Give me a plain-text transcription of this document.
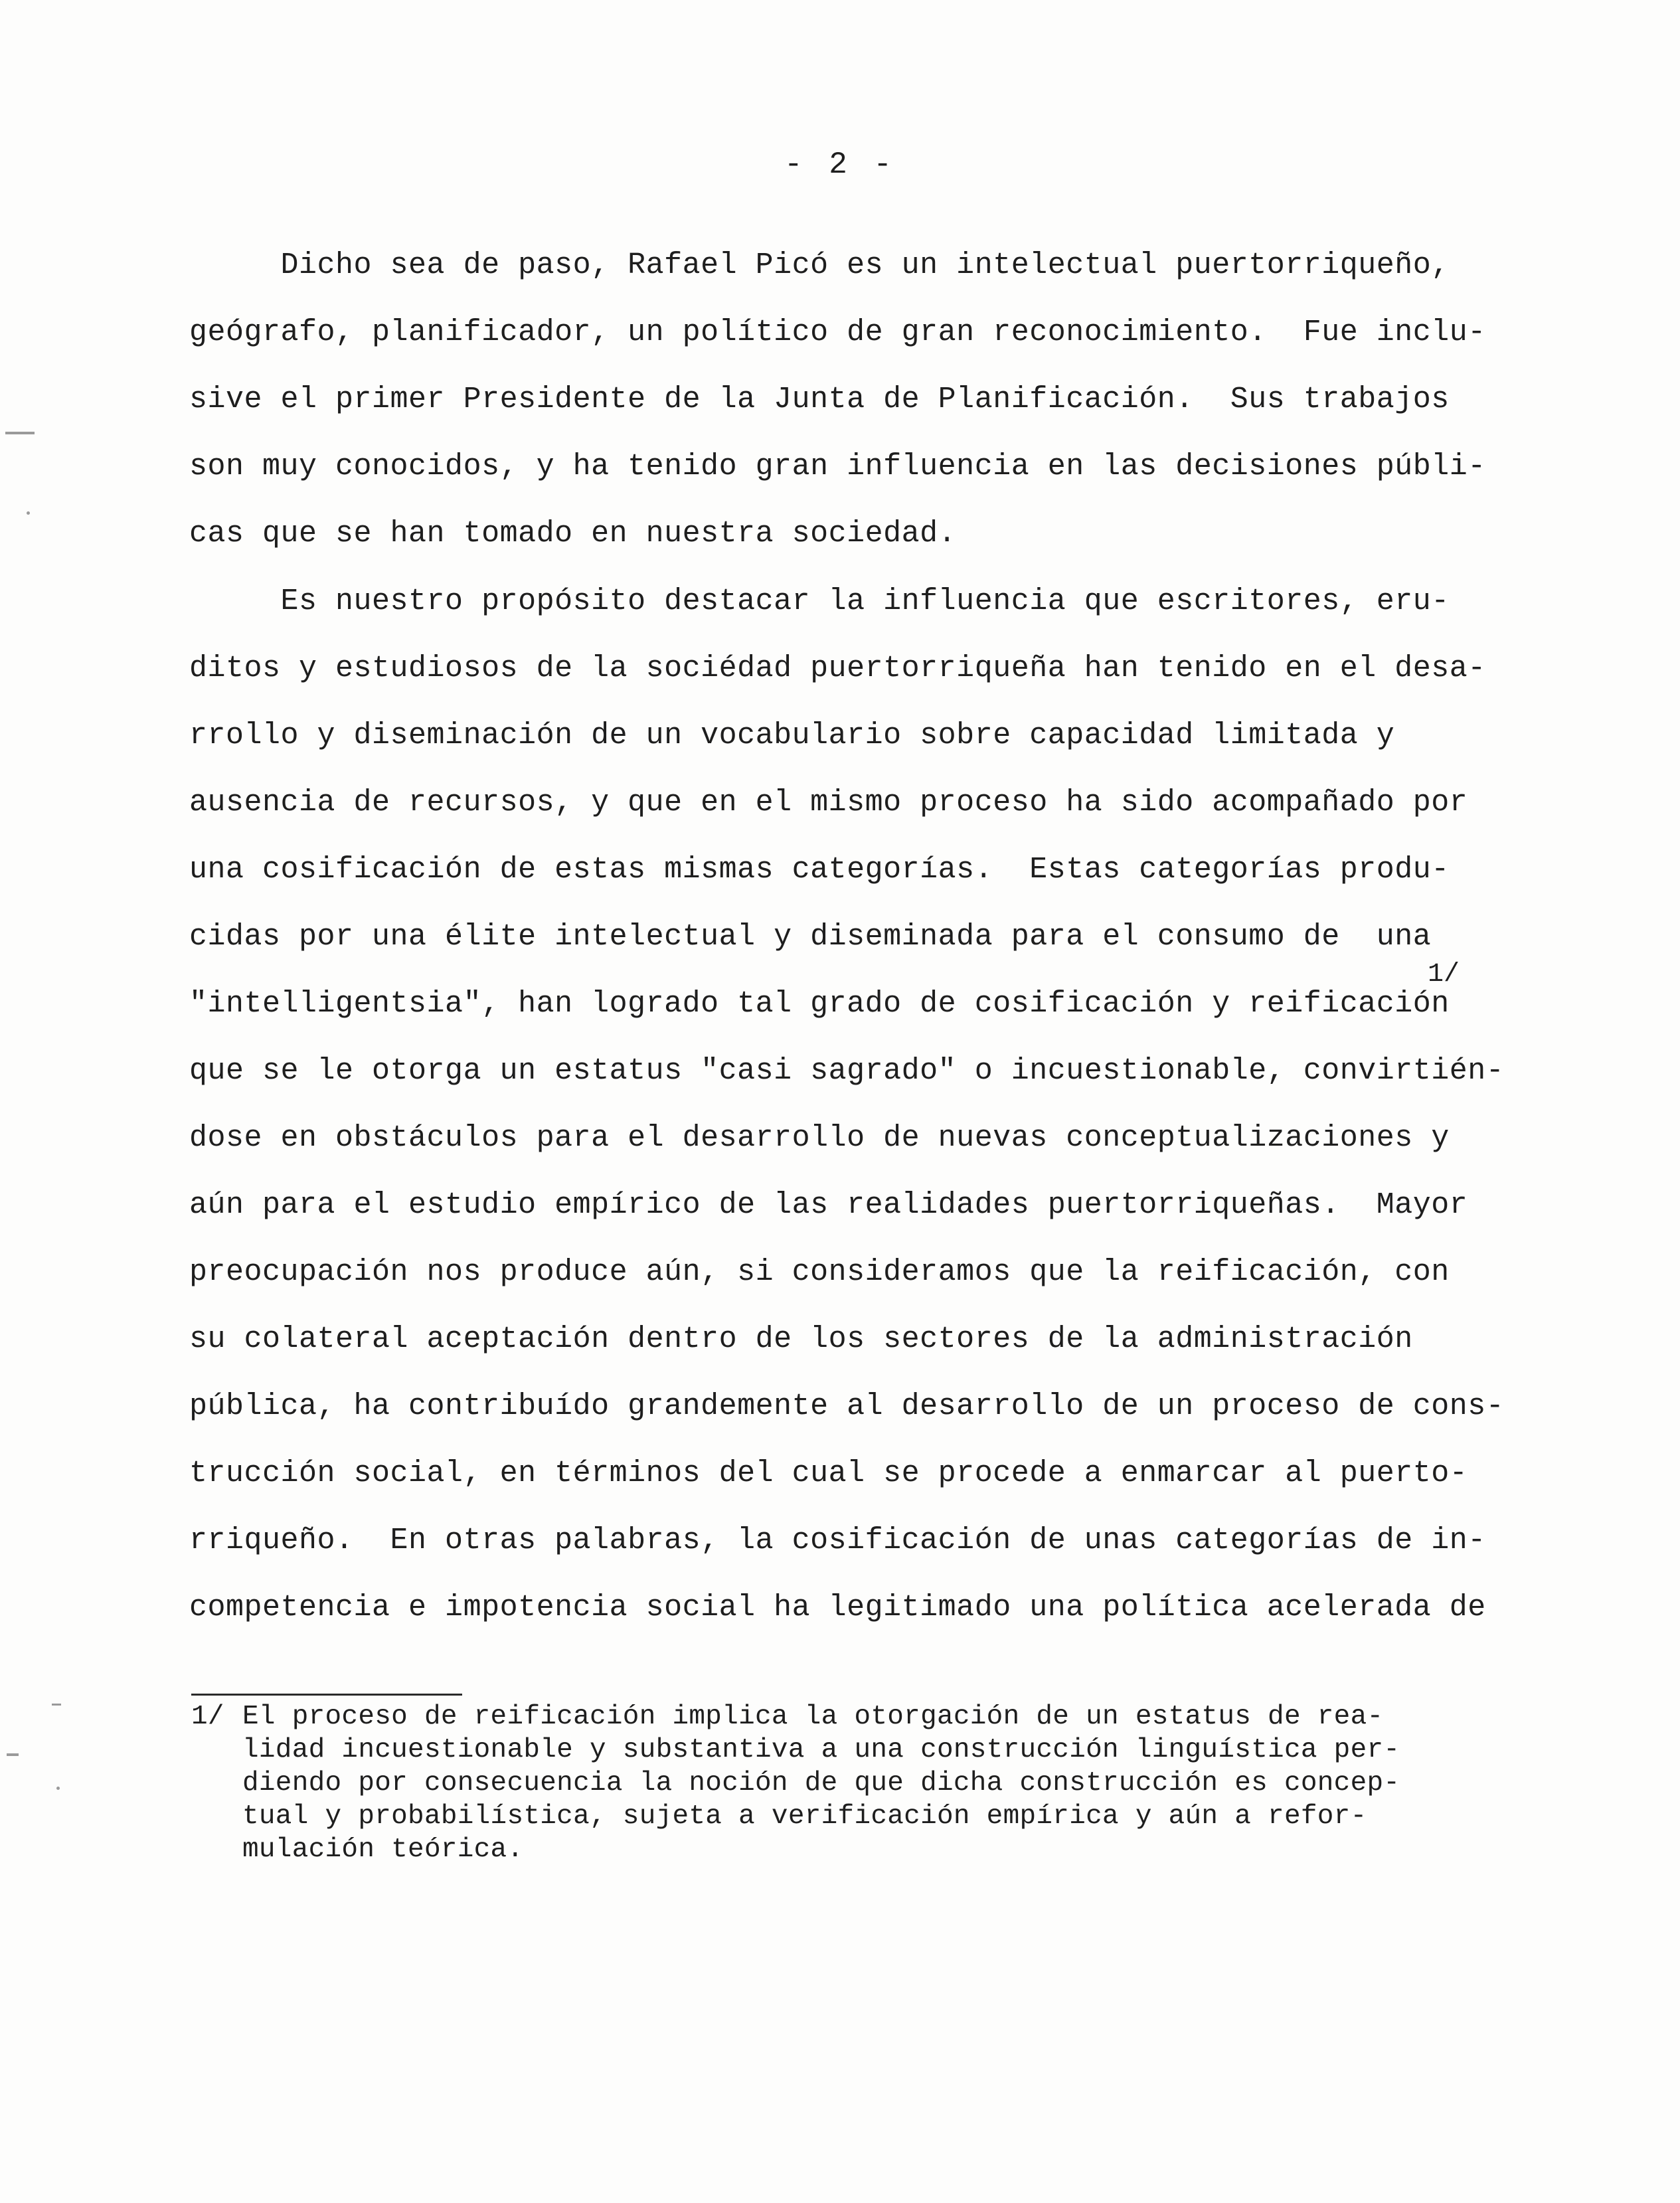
- 2 -
Dicho sea de paso, Rafael Picó es un intelectual puertorriqueño,
geógrafo, planificador, un político de gran reconocimiento.  Fue inclu-
sive el primer Presidente de la Junta de Planificación.  Sus trabajos
son muy conocidos, y ha tenido gran influencia en las decisiones públi-
cas que se han tomado en nuestra sociedad.
Es nuestro propósito destacar la influencia que escritores, eru-
ditos y estudiosos de la sociédad puertorriqueña han tenido en el desa-
rrollo y diseminación de un vocabulario sobre capacidad limitada y
ausencia de recursos, y que en el mismo proceso ha sido acompañado por
una cosificación de estas mismas categorías.  Estas categorías produ-
cidas por una élite intelectual y diseminada para el consumo de  una
1/
"intelligentsia", han logrado tal grado de cosificación y reificación
que se le otorga un estatus "casi sagrado" o incuestionable, convirtién-
dose en obstáculos para el desarrollo de nuevas conceptualizaciones y
aún para el estudio empírico de las realidades puertorriqueñas.  Mayor
preocupación nos produce aún, si consideramos que la reificación, con
su colateral aceptación dentro de los sectores de la administración
pública, ha contribuído grandemente al desarrollo de un proceso de cons-
trucción social, en términos del cual se procede a enmarcar al puerto-
rriqueño.  En otras palabras, la cosificación de unas categorías de in-
competencia e impotencia social ha legitimado una política acelerada de
1/ El proceso de reificación implica la otorgación de un estatus de rea-
lidad incuestionable y substantiva a una construcción linguística per-
diendo por consecuencia la noción de que dicha construcción es concep-
tual y probabilística, sujeta a verificación empírica y aún a refor-
mulación teórica.
